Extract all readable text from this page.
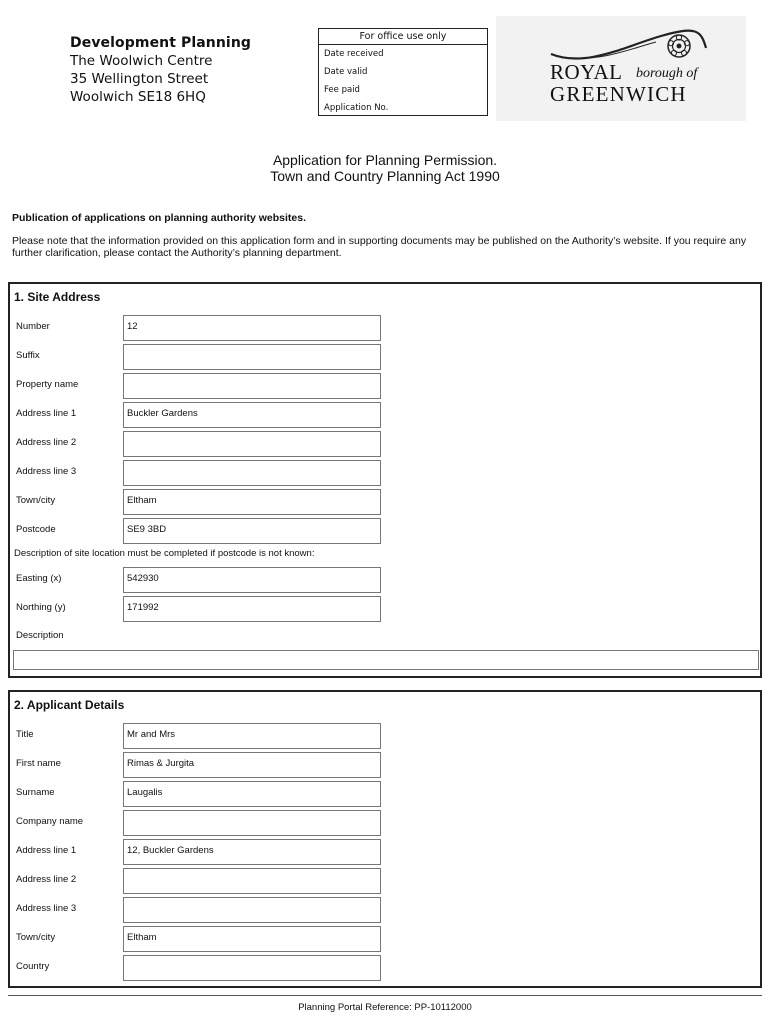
Development Planning
The Woolwich Centre
35 Wellington Street
Woolwich SE18 6HQ
For office use only
Date received
Date valid
Fee paid
Application No.
ROYAL borough of
GREENWICH
Application for Planning Permission.
Town and Country Planning Act 1990
Publication of applications on planning authority websites.
Please note that the information provided on this application form and in supporting documents may be published on the Authority’s website. If you require any further clarification, please contact the Authority’s planning department.
1. Site Address
Number	12
Suffix
Property name
Address line 1	Buckler Gardens
Address line 2
Address line 3
Town/city	Eltham
Postcode	SE9 3BD
Description of site location must be completed if postcode is not known:
Easting (x)	542930
Northing (y)	171992
Description
2. Applicant Details
Title	Mr and Mrs
First name	Rimas & Jurgita
Surname	Laugalis
Company name
Address line 1	12, Buckler Gardens
Address line 2
Address line 3
Town/city	Eltham
Country
Planning Portal Reference: PP-10112000
